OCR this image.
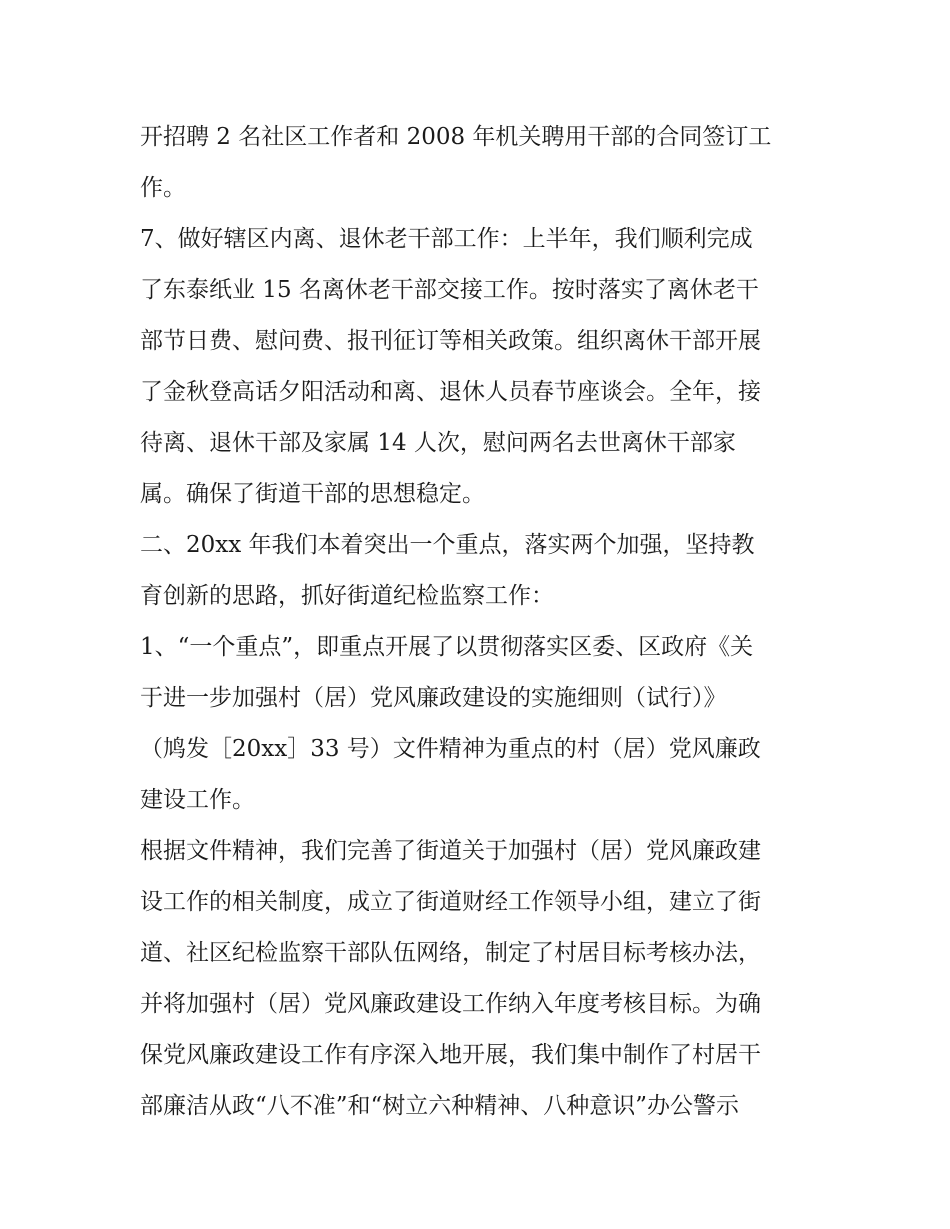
开招聘 2 名社区工作者和 2008 年机关聘用干部的合同签订工
作。
7、做好辖区内离、退休老干部工作：上半年，我们顺利完成
了东泰纸业 15 名离休老干部交接工作。按时落实了离休老干
部节日费、慰问费、报刊征订等相关政策。组织离休干部开展
了金秋登高话夕阳活动和离、退休人员春节座谈会。全年，接
待离、退休干部及家属 14 人次，慰问两名去世离休干部家
属。确保了街道干部的思想稳定。
二、20xx 年我们本着突出一个重点，落实两个加强，坚持教
育创新的思路，抓好街道纪检监察工作：
1、“一个重点”，即重点开展了以贯彻落实区委、区政府《关
于进一步加强村（居）党风廉政建设的实施细则（试行）》
（鸠发［20xx］33 号）文件精神为重点的村（居）党风廉政
建设工作。
根据文件精神，我们完善了街道关于加强村（居）党风廉政建
设工作的相关制度，成立了街道财经工作领导小组，建立了街
道、社区纪检监察干部队伍网络，制定了村居目标考核办法，
并将加强村（居）党风廉政建设工作纳入年度考核目标。为确
保党风廉政建设工作有序深入地开展，我们集中制作了村居干
部廉洁从政“八不准”和“树立六种精神、八种意识”办公警示
